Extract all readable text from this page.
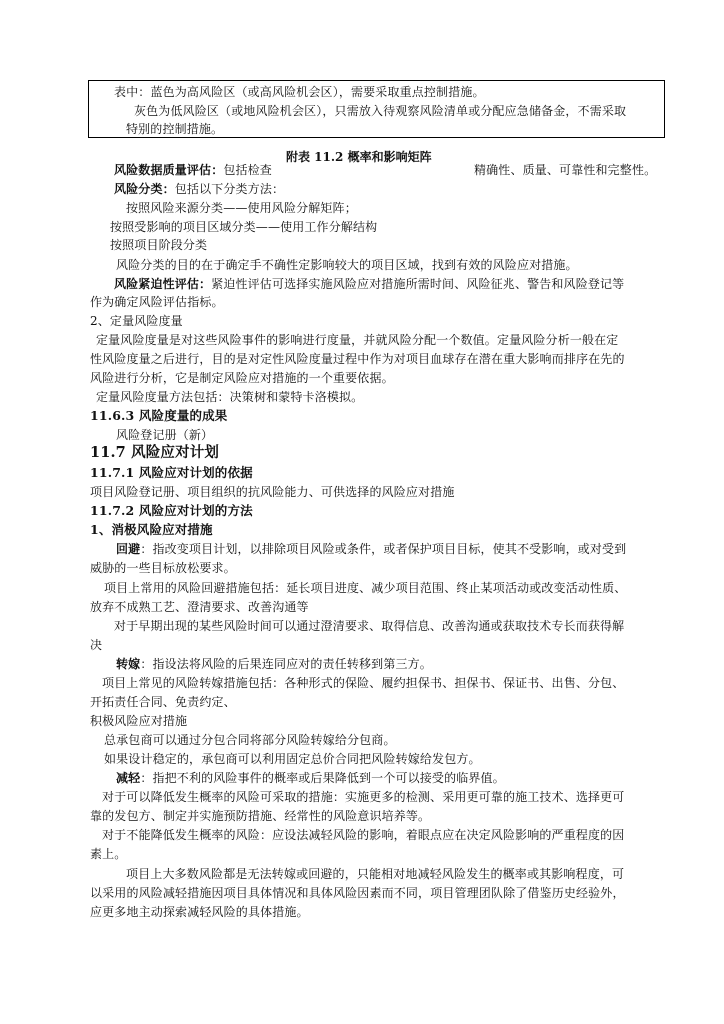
表中：蓝色为高风险区（或高风险机会区），需要采取重点控制措施。
灰色为低风险区（或地风险机会区），只需放入待观察风险清单或分配应急储备金，不需采取
特别的控制措施。
附表 11.2 概率和影响矩阵
风险数据质量评估：包括检查	精确性、质量、可靠性和完整性。
风险分类：包括以下分类方法：
按照风险来源分类——使用风险分解矩阵；
按照受影响的项目区域分类——使用工作分解结构
按照项目阶段分类
风险分类的目的在于确定手不确性定影响较大的项目区域，找到有效的风险应对措施。
风险紧迫性评估：紧迫性评估可选择实施风险应对措施所需时间、风险征兆、警告和风险登记等
作为确定风险评估指标。
2、定量风险度量
定量风险度量是对这些风险事件的影响进行度量，并就风险分配一个数值。定量风险分析一般在定
性风险度量之后进行，目的是对定性风险度量过程中作为对项目血球存在潜在重大影响而排序在先的
风险进行分析，它是制定风险应对措施的一个重要依据。
定量风险度量方法包括：决策树和蒙特卡洛模拟。
11.6.3 风险度量的成果
风险登记册（新）
11.7 风险应对计划
11.7.1 风险应对计划的依据
项目风险登记册、项目组织的抗风险能力、可供选择的风险应对措施
11.7.2 风险应对计划的方法
1、消极风险应对措施
回避：指改变项目计划，以排除项目风险或条件，或者保护项目目标，使其不受影响，或对受到
威胁的一些目标放松要求。
项目上常用的风险回避措施包括：延长项目进度、减少项目范围、终止某项活动或改变活动性质、
放弃不成熟工艺、澄清要求、改善沟通等
对于早期出现的某些风险时间可以通过澄清要求、取得信息、改善沟通或获取技术专长而获得解
决
转嫁：指设法将风险的后果连同应对的责任转移到第三方。
项目上常见的风险转嫁措施包括：各种形式的保险、履约担保书、担保书、保证书、出售、分包、
开拓责任合同、免责约定、
积极风险应对措施
总承包商可以通过分包合同将部分风险转嫁给分包商。
如果设计稳定的，承包商可以利用固定总价合同把风险转嫁给发包方。
减轻：指把不利的风险事件的概率或后果降低到一个可以接受的临界值。
对于可以降低发生概率的风险可采取的措施：实施更多的检测、采用更可靠的施工技术、选择更可
靠的发包方、制定并实施预防措施、经常性的风险意识培养等。
对于不能降低发生概率的风险：应设法减轻风险的影响，着眼点应在决定风险影响的严重程度的因
素上。
项目上大多数风险都是无法转嫁或回避的，只能相对地减轻风险发生的概率或其影响程度，可
以采用的风险减轻措施因项目具体情况和具体风险因素而不同，项目管理团队除了借鉴历史经验外，
应更多地主动探索减轻风险的具体措施。
